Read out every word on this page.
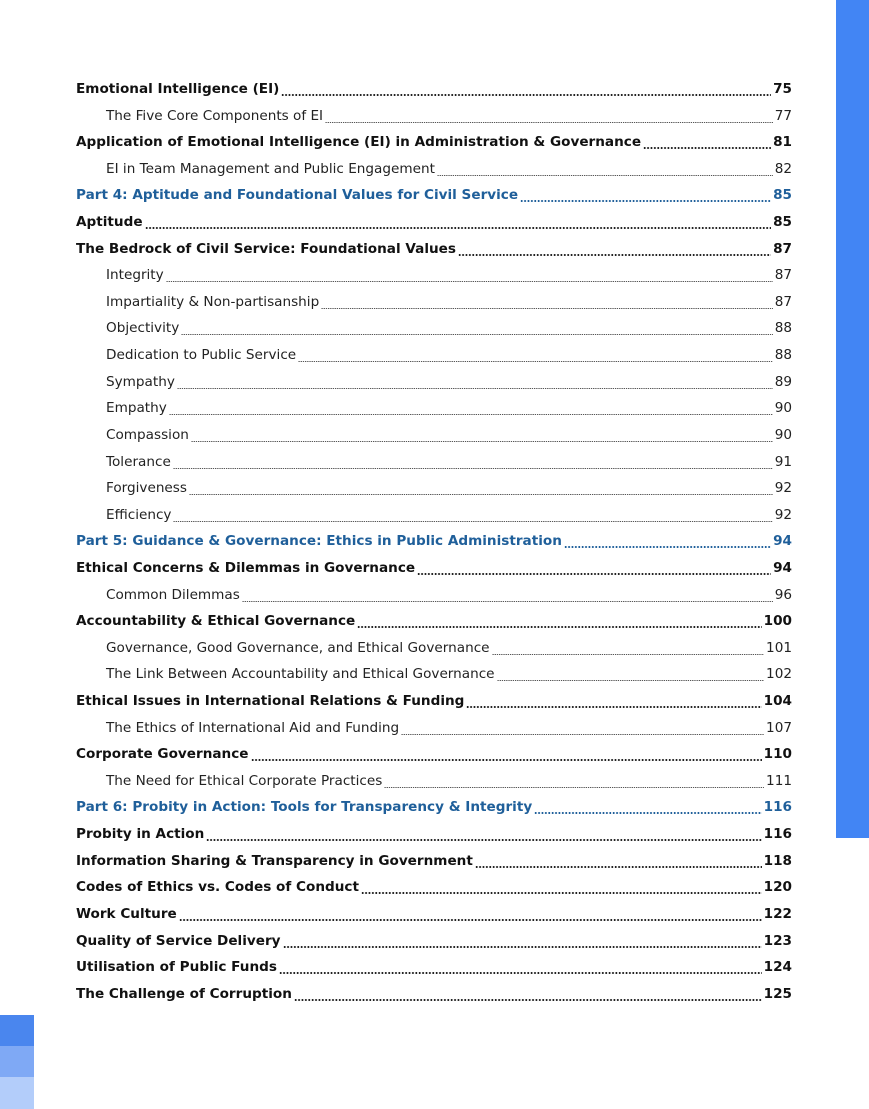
Emotional Intelligence (EI)	75
The Five Core Components of EI	77
Application of Emotional Intelligence (EI) in Administration & Governance	81
EI in Team Management and Public Engagement	82
Part 4: Aptitude and Foundational Values for Civil Service	85
Aptitude	85
The Bedrock of Civil Service: Foundational Values	87
Integrity	87
Impartiality & Non-partisanship	87
Objectivity	88
Dedication to Public Service	88
Sympathy	89
Empathy	90
Compassion	90
Tolerance	91
Forgiveness	92
Efficiency	92
Part 5: Guidance & Governance: Ethics in Public Administration	94
Ethical Concerns & Dilemmas in Governance	94
Common Dilemmas	96
Accountability & Ethical Governance	100
Governance, Good Governance, and Ethical Governance	101
The Link Between Accountability and Ethical Governance	102
Ethical Issues in International Relations & Funding	104
The Ethics of International Aid and Funding	107
Corporate Governance	110
The Need for Ethical Corporate Practices	111
Part 6: Probity in Action: Tools for Transparency & Integrity	116
Probity in Action	116
Information Sharing & Transparency in Government	118
Codes of Ethics vs. Codes of Conduct	120
Work Culture	122
Quality of Service Delivery	123
Utilisation of Public Funds	124
The Challenge of Corruption	125
